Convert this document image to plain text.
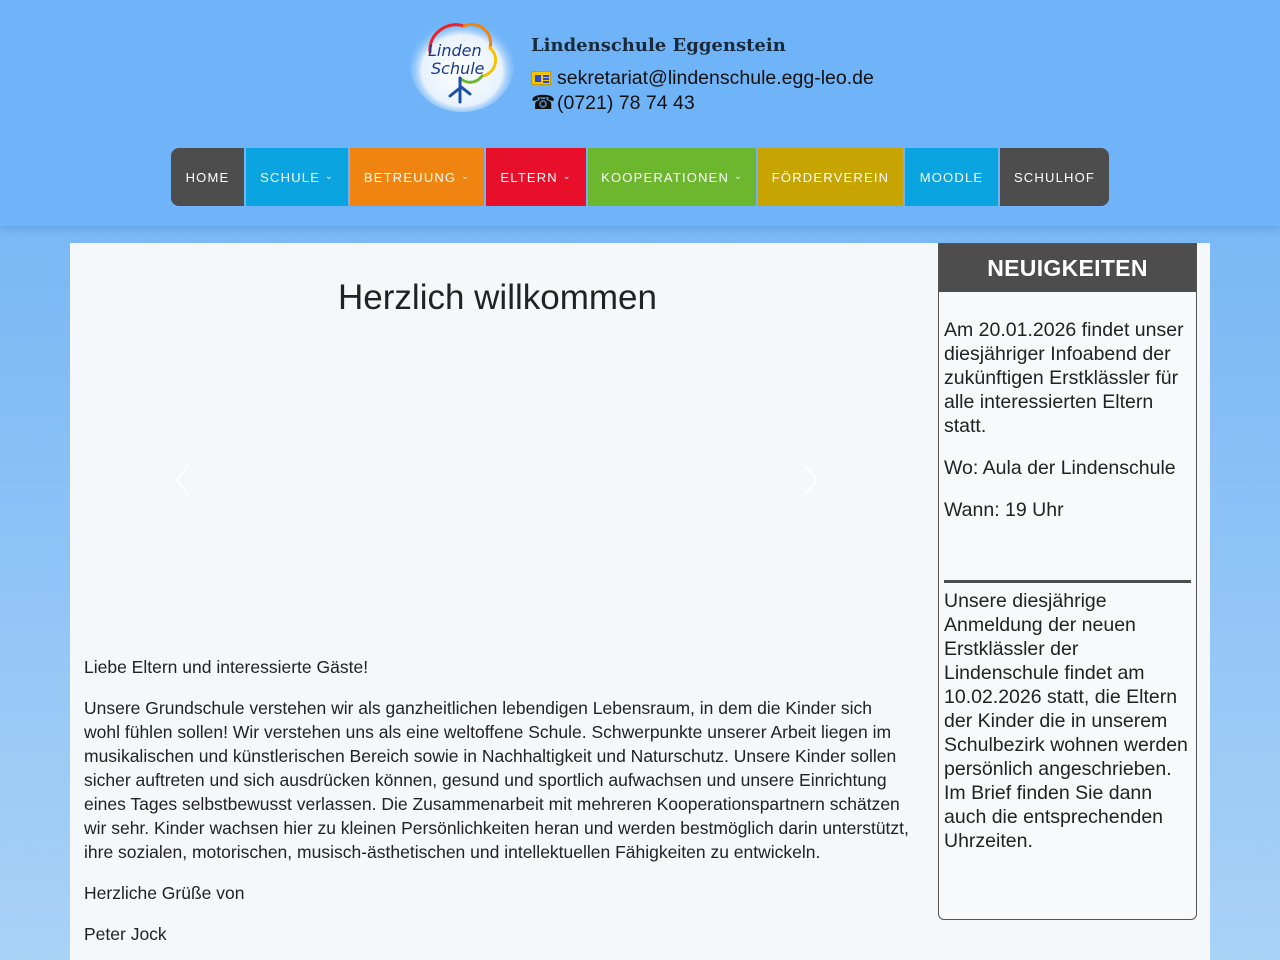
Linden
Schule
Lindenschule Eggenstein
sekretariat@lindenschule.egg-leo.de
☎(0721) 78 74 43
HOME SCHULE ⌄ BETREUUNG ⌄ ELTERN ⌄ KOOPERATIONEN ⌄ FÖRDERVEREIN MOODLE SCHULHOF
Herzlich willkommen

Liebe Eltern und interessierte Gäste!

Unsere Grundschule verstehen wir als ganzheitlichen lebendigen Lebensraum, in dem die Kinder sich wohl fühlen sollen! Wir verstehen uns als eine weltoffene Schule. Schwerpunkte unserer Arbeit liegen im musikalischen und künstlerischen Bereich sowie in Nachhaltigkeit und Naturschutz. Unsere Kinder sollen sicher auftreten und sich ausdrücken können, gesund und sportlich aufwachsen und unsere Einrichtung eines Tages selbstbewusst verlassen. Die Zusammenarbeit mit mehreren Kooperationspartnern schätzen wir sehr. Kinder wachsen hier zu kleinen Persönlichkeiten heran und werden bestmöglich darin unterstützt, ihre sozialen, motorischen, musisch-ästhetischen und intellektuellen Fähigkeiten zu entwickeln.

Herzliche Grüße von

Peter Jock

NEUIGKEITEN

Am 20.01.2026 findet unser diesjähriger Infoabend der zukünftigen Erstklässler für alle interessierten Eltern statt.

Wo: Aula der Lindenschule

Wann: 19 Uhr

Unsere diesjährige Anmeldung der neuen Erstklässler der Lindenschule findet am 10.02.2026 statt, die Eltern der Kinder die in unserem Schulbezirk wohnen werden persönlich angeschrieben. Im Brief finden Sie dann auch die entsprechenden Uhrzeiten.
